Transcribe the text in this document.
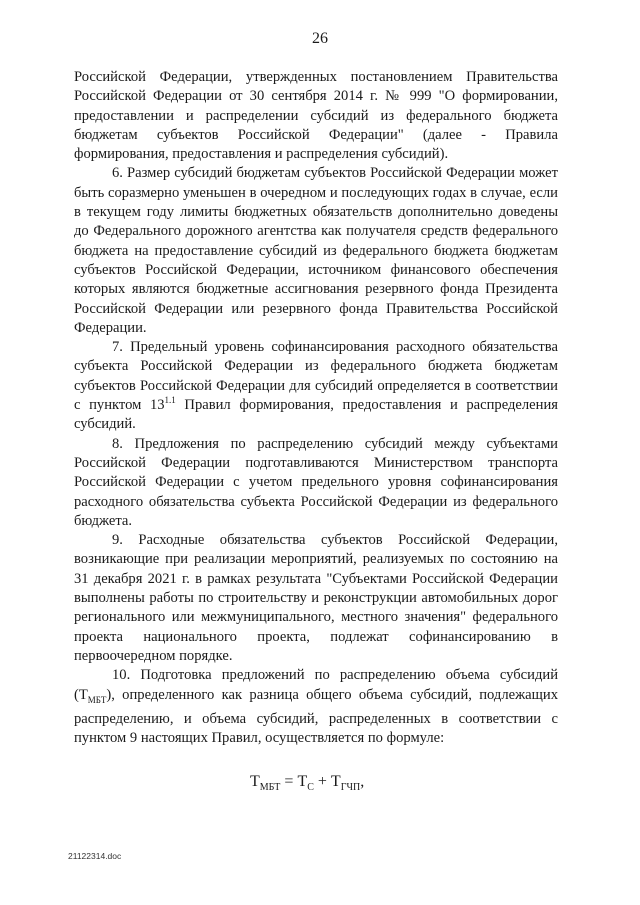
26

Российской Федерации, утвержденных постановлением Правительства Российской Федерации от 30 сентября 2014 г. № 999 "О формировании, предоставлении и распределении субсидий из федерального бюджета бюджетам субъектов Российской Федерации" (далее - Правила формирования, предоставления и распределения субсидий).

6. Размер субсидий бюджетам субъектов Российской Федерации может быть соразмерно уменьшен в очередном и последующих годах в случае, если в текущем году лимиты бюджетных обязательств дополнительно доведены до Федерального дорожного агентства как получателя средств федерального бюджета на предоставление субсидий из федерального бюджета бюджетам субъектов Российской Федерации, источником финансового обеспечения которых являются бюджетные ассигнования резервного фонда Президента Российской Федерации или резервного фонда Правительства Российской Федерации.

7. Предельный уровень софинансирования расходного обязательства субъекта Российской Федерации из федерального бюджета бюджетам субъектов Российской Федерации для субсидий определяется в соответствии с пунктом $13^{1.1}$ Правил формирования, предоставления и распределения субсидий.

8. Предложения по распределению субсидий между субъектами Российской Федерации подготавливаются Министерством транспорта Российской Федерации с учетом предельного уровня софинансирования расходного обязательства субъекта Российской Федерации из федерального бюджета.

9. Расходные обязательства субъектов Российской Федерации, возникающие при реализации мероприятий, реализуемых по состоянию на 31 декабря 2021 г. в рамках результата "Субъектами Российской Федерации выполнены работы по строительству и реконструкции автомобильных дорог регионального или межмуниципального, местного значения" федерального проекта национального проекта, подлежат софинансированию в первоочередном порядке.

10. Подготовка предложений по распределению объема субсидий $(Т_{МБТ})$, определенного как разница общего объема субсидий, подлежащих распределению, и объема субсидий, распределенных в соответствии с пунктом 9 настоящих Правил, осуществляется по формуле:

$Т_{МБТ} = Т_С + Т_{ГЧП}$,
21122314.doc
